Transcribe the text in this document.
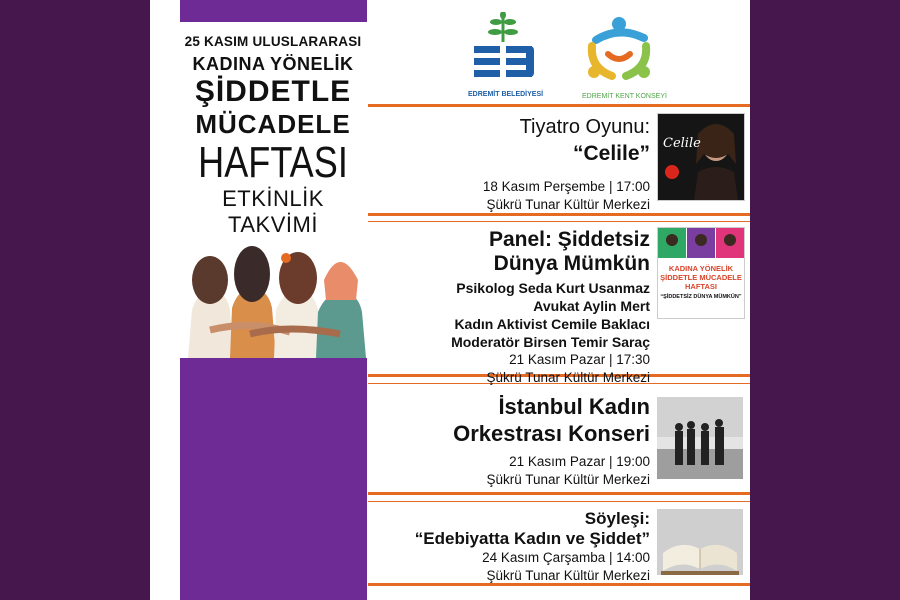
25 KASIM ULUSLARARASI
KADINA YÖNELİK
ŞİDDETLE
MÜCADELE
HAFTASI
ETKİNLİK TAKVİMİ
EDREMİT BELEDİYESİ	EDREMİT KENT KONSEYİ
Tiyatro Oyunu:
“Celile”
18 Kasım Perşembe | 17:00
Şükrü Tunar Kültür Merkezi
Celile
Panel: Şiddetsiz
Dünya Mümkün
Psikolog Seda Kurt Usanmaz
Avukat Aylin Mert
Kadın Aktivist Cemile Baklacı
Moderatör Birsen Temir Saraç
21 Kasım Pazar | 17:30
Şükrü Tunar Kültür Merkezi
KADINA YÖNELİK ŞİDDETLE MÜCADELE HAFTASI
“ŞİDDETSİZ DÜNYA MÜMKÜN”
İstanbul Kadın
Orkestrası Konseri
21 Kasım Pazar | 19:00
Şükrü Tunar Kültür Merkezi
Söyleşi:
“Edebiyatta Kadın ve Şiddet”
24 Kasım Çarşamba | 14:00
Şükrü Tunar Kültür Merkezi
